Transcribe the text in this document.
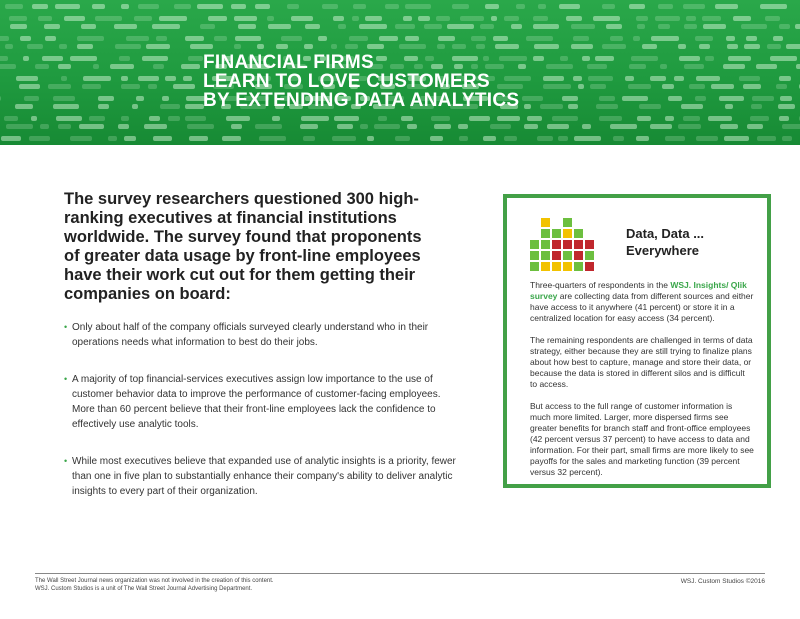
FINANCIAL FIRMS
LEARN TO LOVE CUSTOMERS
BY EXTENDING DATA ANALYTICS

The survey researchers questioned 300 high-ranking executives at financial institutions worldwide. The survey found that proponents of greater data usage by front-line employees have their work cut out for them getting their companies on board:

• Only about half of the company officials surveyed clearly understand who in their operations needs what information to best do their jobs.
• A majority of top financial-services executives assign low importance to the use of customer behavior data to improve the performance of customer-facing employees. More than 60 percent believe that their front-line employees lack the confidence to effectively use analytic tools.
• While most executives believe that expanded use of analytic insights is a priority, fewer than one in five plan to substantially enhance their company's ability to deliver analytic insights to every part of their organization.
Data, Data ...
Everywhere

Three-quarters of respondents in the WSJ. Insights/ Qlik survey are collecting data from different sources and either have access to it anywhere (41 percent) or store it in a centralized location for easy access (34 percent).

The remaining respondents are challenged in terms of data strategy, either because they are still trying to finalize plans about how best to capture, manage and store their data, or because the data is stored in different silos and is difficult to access.

But access to the full range of customer information is much more limited. Larger, more dispersed firms see greater benefits for branch staff and front-office employees (42 percent versus 37 percent) to have access to data and information. For their part, small firms are more likely to see payoffs for the sales and marketing function (39 percent versus 32 percent).

The Wall Street Journal news organization was not involved in the creation of this content.
WSJ. Custom Studios is a unit of The Wall Street Journal Advertising Department.
WSJ. Custom Studios ©2016
